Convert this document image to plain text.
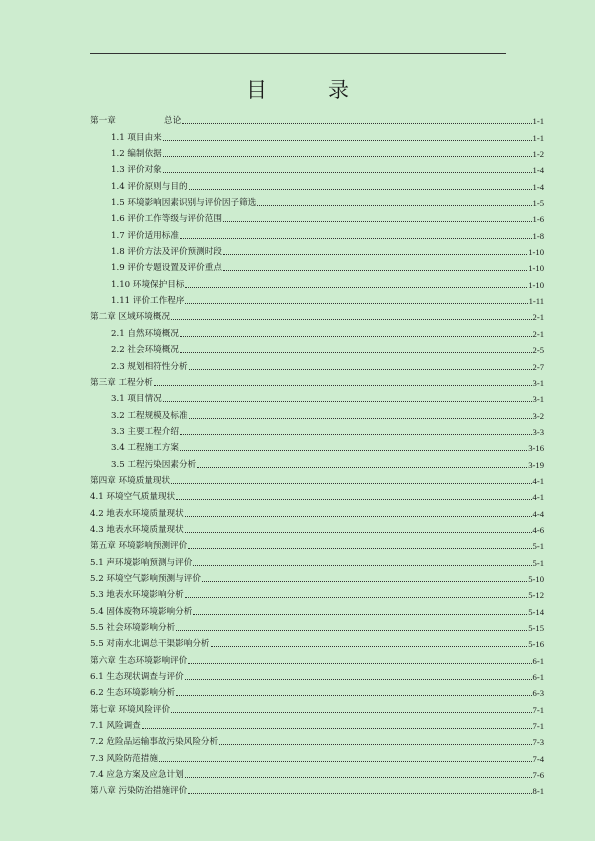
目　录
第一章	总论	1-1
1.1 项目由来	1-1
1.2 编制依据	1-2
1.3 评价对象	1-4
1.4 评价原则与目的	1-4
1.5 环境影响因素识别与评价因子筛选	1-5
1.6 评价工作等级与评价范围	1-6
1.7 评价适用标准	1-8
1.8 评价方法及评价预测时段	1-10
1.9 评价专题设置及评价重点	1-10
1.10 环境保护目标	1-10
1.11 评价工作程序	1-11
第二章 区域环境概况	2-1
2.1 自然环境概况	2-1
2.2 社会环境概况	2-5
2.3 规划相符性分析	2-7
第三章 工程分析	3-1
3.1 项目情况	3-1
3.2 工程规模及标准	3-2
3.3 主要工程介绍	3-3
3.4 工程施工方案	3-16
3.5 工程污染因素分析	3-19
第四章 环境质量现状	4-1
4.1 环境空气质量现状	4-1
4.2 地表水环境质量现状	4-4
4.3 地表水环境质量现状	4-6
第五章 环境影响预测评价	5-1
5.1 声环境影响预测与评价	5-1
5.2 环境空气影响预测与评价	5-10
5.3 地表水环境影响分析	5-12
5.4 固体废物环境影响分析	5-14
5.5 社会环境影响分析	5-15
5.5 对南水北调总干渠影响分析	5-16
第六章 生态环境影响评价	6-1
6.1 生态现状调查与评价	6-1
6.2 生态环境影响分析	6-3
第七章 环境风险评价	7-1
7.1 风险调查	7-1
7.2 危险品运输事故污染风险分析	7-3
7.3 风险防范措施	7-4
7.4 应急方案及应急计划	7-6
第八章 污染防治措施评价	8-1
